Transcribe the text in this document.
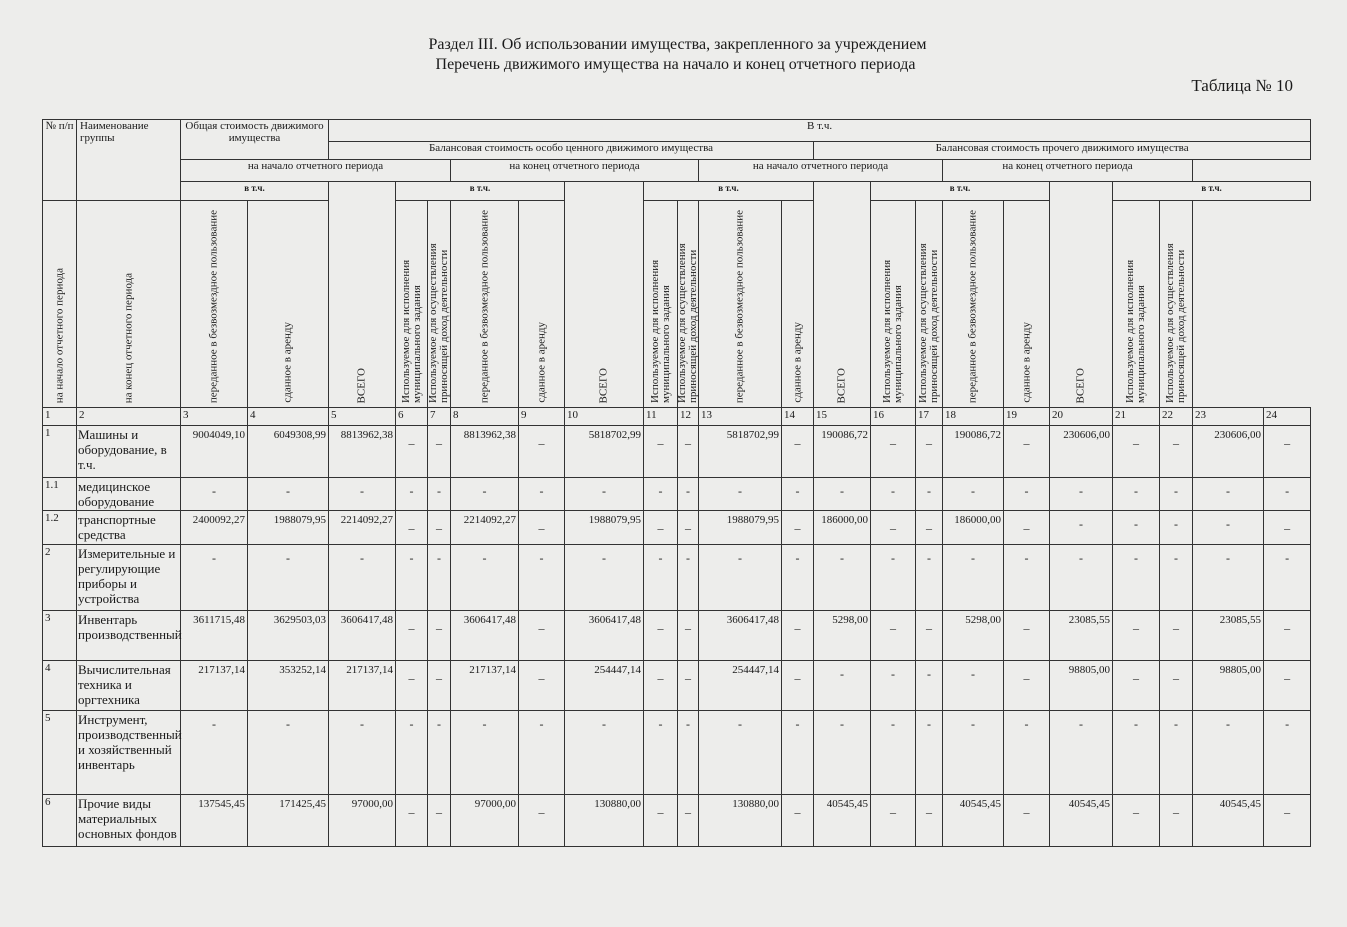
Раздел III. Об использовании имущества, закрепленного за учреждением
Перечень движимого имущества на начало и конец отчетного периода
Таблица № 10
№ п/п	Наименование группы	Общая стоимость движимого имущества		В т.ч.																			
				Балансовая стоимость особо ценного движимого имущества										Балансовая стоимость прочего движимого имущества									
		на начало отчетного периода					на конец отчетного периода					на начало отчетного периода					на конец отчетного периода						
		в т.ч.		ВСЕГО	в т.ч.				ВСЕГО	в т.ч.				ВСЕГО	в т.ч.				ВСЕГО	в т.ч.			

на начало отчетного периода	на конец отчетного периода	переданное в безвозмездное пользование	сданное в аренду		Используемое для исполнения муниципального задания	Используемое для осуществления приносящей доход деятельности	переданное в безвозмездное пользование	сданное в аренду		Используемое для исполнения муниципального задания	Используемое для осуществления приносящей доход деятельности	переданное в безвозмездное пользование	сданное в аренду		Используемое для исполнения муниципального задания	Используемое для осуществления приносящей доход деятельности	переданное в безвозмездное пользование	сданное в аренду		Используемое для исполнения муниципального задания	Используемое для осуществления приносящей доход деятельности		

1	2	3	4	5	6	7	8	9	10	11	12	13	14	15	16	17	18	19	20	21	22	23	24
1	Машины и оборудование, в т.ч.	9004049,10	6049308,99	8813962,38	_	_	8813962,38	_	5818702,99	_	_	5818702,99	_	190086,72	_	_	190086,72	_	230606,00	_	_	230606,00	_
1.1	медицинское оборудование	-	-	-	-	-	-	-	-	-	-	-	-	-	-	-	-	-	-	-	-	-	-
1.2	транспортные средства	2400092,27	1988079,95	2214092,27	_	_	2214092,27	_	1988079,95	_	_	1988079,95	_	186000,00	_	_	186000,00	_	-	-	-	-	_
2	Измерительные и регулирующие приборы и устройства	-	-	-	-	-	-	-	-	-	-	-	-	-	-	-	-	-	-	-	-	-	-
3	Инвентарь производственный	3611715,48	3629503,03	3606417,48	_	_	3606417,48	_	3606417,48	_	_	3606417,48	_	5298,00	_	_	5298,00	_	23085,55	_	_	23085,55	_
4	Вычислительная техника и оргтехника	217137,14	353252,14	217137,14	_	_	217137,14	_	254447,14	_	_	254447,14	_	-	-	-	-	_	98805,00	_	_	98805,00	_
5	Инструмент, производственный и хозяйственный инвентарь	-	-	-	-	-	-	-	-	-	-	-	-	-	-	-	-	-	-	-	-	-	-
6	Прочие виды материальных основных фондов	137545,45	171425,45	97000,00	_	_	97000,00	_	130880,00	_	_	130880,00	_	40545,45	_	_	40545,45	_	40545,45	_	_	40545,45	_
